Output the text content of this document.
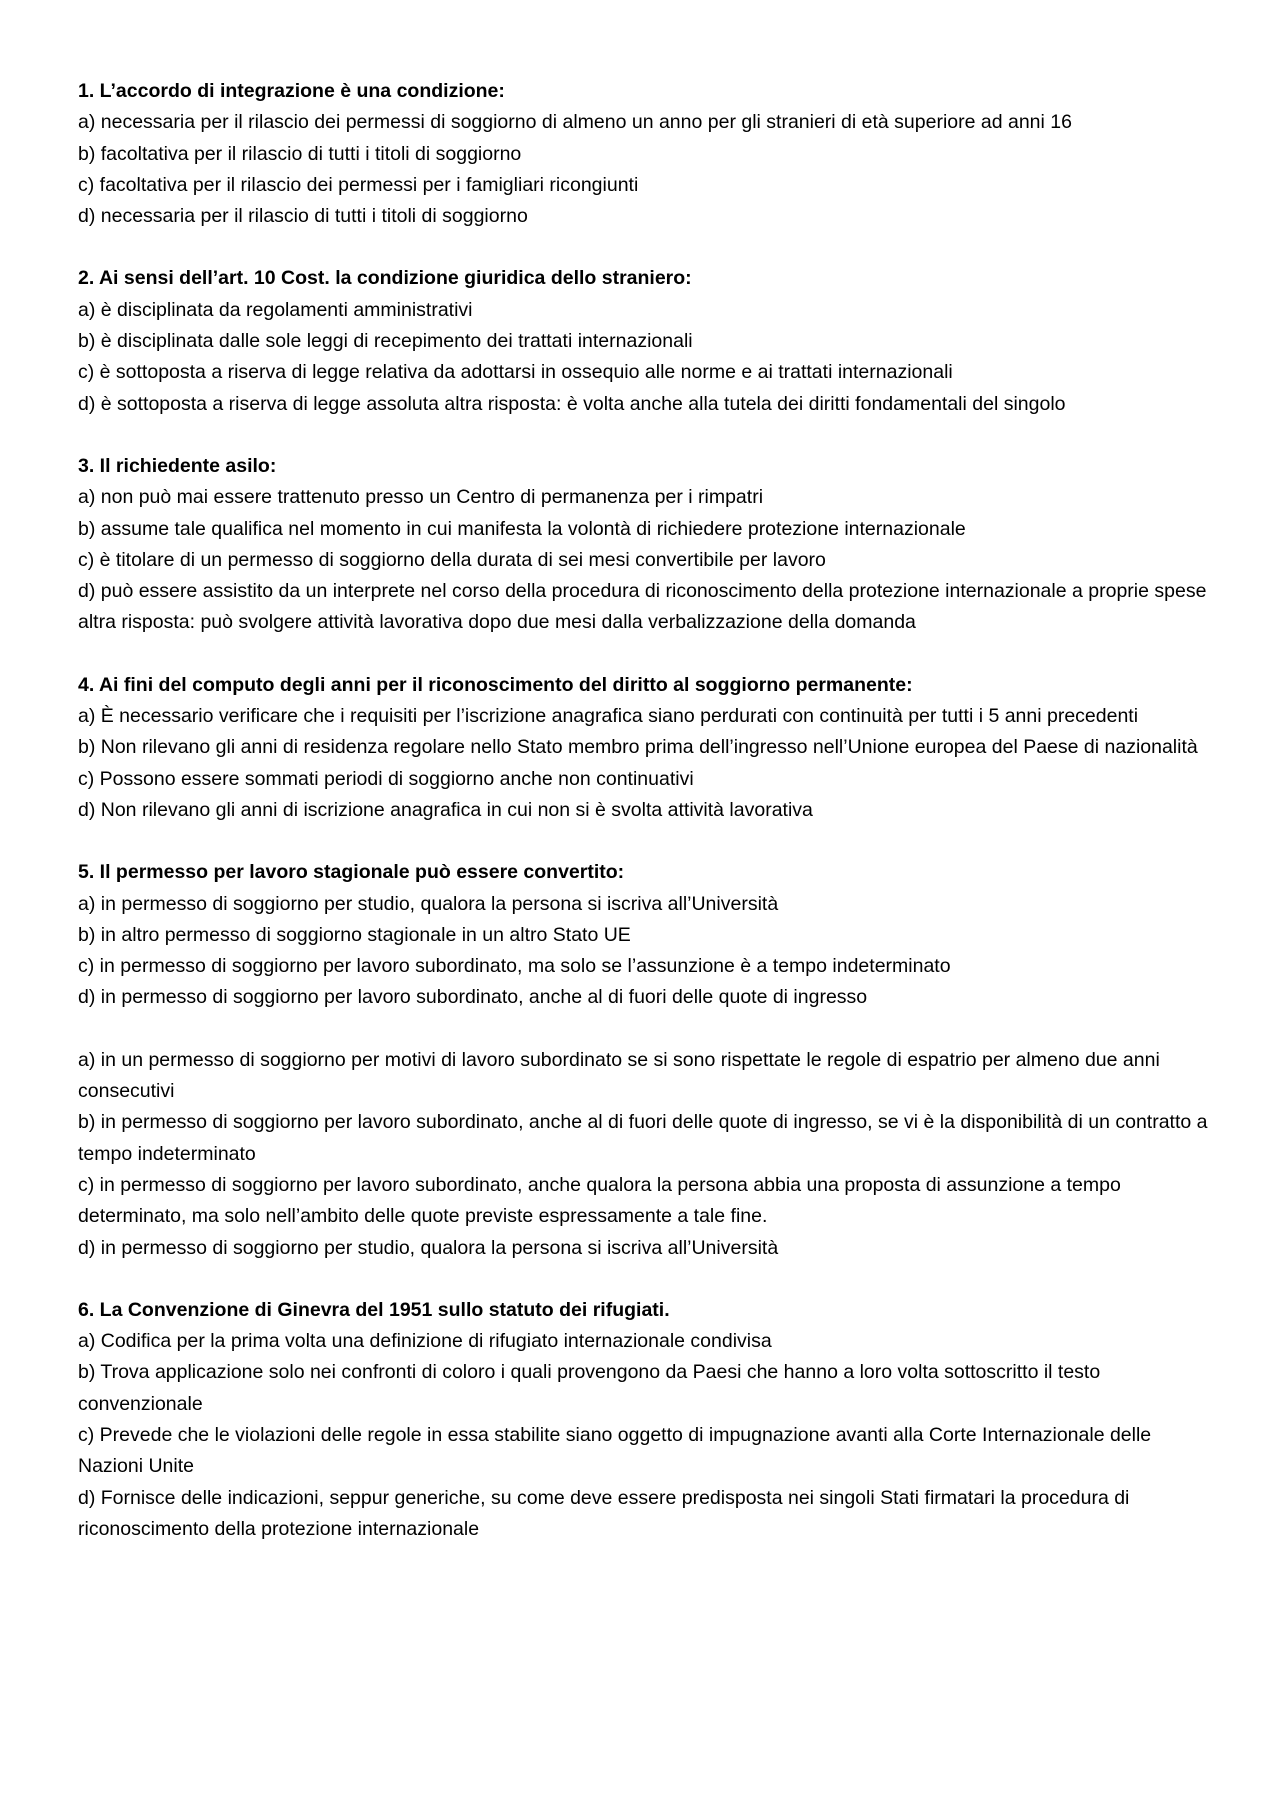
1. L’accordo di integrazione è una condizione:

a) necessaria per il rilascio dei permessi di soggiorno di almeno un anno per gli stranieri di età superiore ad anni 16

b) facoltativa per il rilascio di tutti i titoli di soggiorno

c) facoltativa per il rilascio dei permessi per i famigliari ricongiunti

d) necessaria per il rilascio di tutti i titoli di soggiorno

2. Ai sensi dell’art. 10 Cost. la condizione giuridica dello straniero:

a) è disciplinata da regolamenti amministrativi

b) è disciplinata dalle sole leggi di recepimento dei trattati internazionali

c) è sottoposta a riserva di legge relativa da adottarsi in ossequio alle norme e ai trattati internazionali

d) è sottoposta a riserva di legge assoluta altra risposta: è volta anche alla tutela dei diritti fondamentali del singolo

3. Il richiedente asilo:

a) non può mai essere trattenuto presso un Centro di permanenza per i rimpatri

b) assume tale qualifica nel momento in cui manifesta la volontà di richiedere protezione internazionale

c) è titolare di un permesso di soggiorno della durata di sei mesi convertibile per lavoro

d) può essere assistito da un interprete nel corso della procedura di riconoscimento della protezione internazionale a proprie spese altra risposta: può svolgere attività lavorativa dopo due mesi dalla verbalizzazione della domanda

4. Ai fini del computo degli anni per il riconoscimento del diritto al soggiorno permanente:

a) È necessario verificare che i requisiti per l’iscrizione anagrafica siano perdurati con continuità per tutti i 5 anni precedenti

b) Non rilevano gli anni di residenza regolare nello Stato membro prima dell’ingresso nell’Unione europea del Paese di nazionalità

c) Possono essere sommati periodi di soggiorno anche non continuativi

d) Non rilevano gli anni di iscrizione anagrafica in cui non si è svolta attività lavorativa

5. Il permesso per lavoro stagionale può essere convertito:

a) in permesso di soggiorno per studio, qualora la persona si iscriva all’Università

b) in altro permesso di soggiorno stagionale in un altro Stato UE

c) in permesso di soggiorno per lavoro subordinato, ma solo se l’assunzione è a tempo indeterminato

d) in permesso di soggiorno per lavoro subordinato, anche al di fuori delle quote di ingresso

a) in un permesso di soggiorno per motivi di lavoro subordinato se si sono rispettate le regole di espatrio per almeno due anni consecutivi

b) in permesso di soggiorno per lavoro subordinato, anche al di fuori delle quote di ingresso, se vi è la disponibilità di un contratto a tempo indeterminato

c) in permesso di soggiorno per lavoro subordinato, anche qualora la persona abbia una proposta di assunzione a tempo determinato, ma solo nell’ambito delle quote previste espressamente a tale fine.

d) in permesso di soggiorno per studio, qualora la persona si iscriva all’Università

6. La Convenzione di Ginevra del 1951 sullo statuto dei rifugiati.

a) Codifica per la prima volta una definizione di rifugiato internazionale condivisa

b) Trova applicazione solo nei confronti di coloro i quali provengono da Paesi che hanno a loro volta sottoscritto il testo convenzionale

c) Prevede che le violazioni delle regole in essa stabilite siano oggetto di impugnazione avanti alla Corte Internazionale delle Nazioni Unite

d) Fornisce delle indicazioni, seppur generiche, su come deve essere predisposta nei singoli Stati firmatari la procedura di riconoscimento della protezione internazionale
